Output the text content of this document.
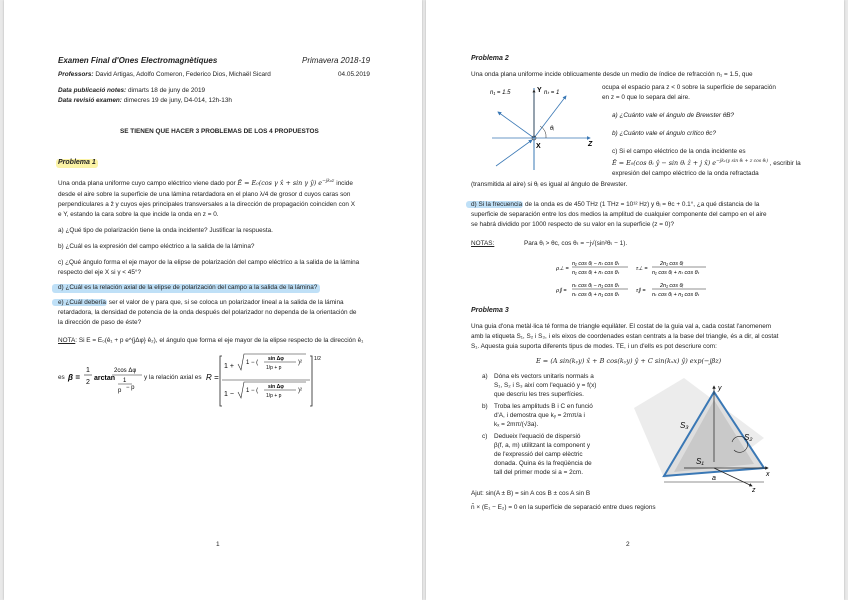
Examen Final d'Ones Electromagnètiques	Primavera 2018-19
Professors: David Artigas, Adolfo Comeron, Federico Dios, Michaël Sicard	04.05.2019
Data publicació notes: dimarts 18 de juny de 2019
Data revisió examen: dimecres 19 de juny, D4-014, 12h-13h
SE TIENEN QUE HACER 3 PROBLEMAS DE LOS 4 PROPUESTOS
Problema 1
Una onda plana uniforme cuyo campo eléctrico viene dado por Ē = E₀(cos γ x̂ + sin γ ŷ) $e^{-jk_0z}$ incide
desde el aire sobre la superficie de una lámina retardadora en el plano λ/4 de grosor d cuyos caras son
perpendiculares a ẑ y cuyos ejes principales transversales a la dirección de propagación coinciden con X
e Y, estando la cara sobre la que incide la onda en z = 0.
a) ¿Qué tipo de polarización tiene la onda incidente? Justificar la respuesta.
b) ¿Cuál es la expresión del campo eléctrico a la salida de la lámina?
c) ¿Qué ángulo forma el eje mayor de la elipse de polarización del campo eléctrico a la salida de la lámina
respecto del eje X si γ < 45°?
d) ¿Cuál es la relación axial de la elipse de polarización del campo a la salida de la lámina?
e) ¿Cuál debería ser el valor de γ para que, si se coloca un polarizador lineal a la salida de la lámina
retardadora, la densidad de potencia de la onda después del polarizador no dependa de la orientación de
la dirección de paso de éste?
NOTA: Si E = E₀(ê₁ + p e^{jΔφ} ê₂), el ángulo que forma el eje mayor de la elipse respecto de la dirección ê₁
es β =
1
2
arctan
2cos Δφ
1
p − p
y la relación axial es R =
1/2
1 + 1 − (
sin Δφ
1/p + p
)²
1 − 1 − (
sin Δφ
1/p + p
)²
1
Problema 2
Una onda plana uniforme incide oblicuamente desde un medio de índice de refracción n₁ = 1.5, que
ocupa el espacio para z < 0 sobre la superficie de separación
en z = 0 que lo separa del aire.
n₁ = 1.5	nₜ = 1
Y
X	Z
θᵢ
a) ¿Cuánto vale el ángulo de Brewster θB?
b) ¿Cuánto vale el ángulo crítico θc?
c) Si el campo eléctrico de la onda incidente es
Ē = E₀(cos θᵢ ŷ − sin θᵢ ẑ + j x̂) $e^{-jk_1(y sin \theta ᵢ + z cos \theta ᵢ)}$ , escribir la
expresión del campo eléctrico de la onda refractada
(transmitida al aire) si θᵢ es igual al ángulo de Brewster.
d) Si la frecuencia de la onda es de 450 THz (1 THz = 10¹² Hz) y θᵢ = θc + 0.1°, ¿a qué distancia de la
superficie de separación entre los dos medios la amplitud de cualquier componente del campo en el aire
se habrá dividido por 1000 respecto de su valor en la superficie (z = 0)?
NOTAS:	Para θᵢ > θc, cos θₜ = −j√(sin²θₜ − 1).
ρ⊥ =
n₁ cos θᵢ − nₜ cos θₜ
n₁ cos θᵢ + nₜ cos θₜ
ρ∥ =
nₜ cos θᵢ − n₁ cos θₜ
nₜ cos θᵢ + n₁ cos θₜ
τ⊥ =
2n₁ cos θᵢ
n₁ cos θᵢ + nₜ cos θₜ
τ∥ =
2n₁ cos θᵢ
nₜ cos θᵢ + n₁ cos θₜ
Problema 3
Una guia d'ona metàl·lica té forma de triangle equilàter. El costat de la guia val a, cada costat l'anomenem
amb la etiqueta S₁, S₂ i S₃, i els eixos de coordenades estan centrats a la base del triangle, és a dir, al costat
S₁. Aquesta guia suporta diferents tipus de modes. TE, i un d'ells es pot descriure com:
E = (A sin(kᵧy) x̂ + B cos(kᵧy) ŷ + C sin(kₓx) ŷ) exp(−jβz)
a) Dóna els vectors unitaris normals a
S₁, S₂ i S₃ així com l'equació y = f(x)
que descriu les tres superfícies.
b) Troba les amplituds B i C en funció
d'A, i demostra que kᵧ = 2mπ/a i
kₓ = 2mπ/(√3a).
c) Dedueix l'equació de dispersió
β(f, a, m) utilitzant la component y
de l'expressió del camp elèctric
donada. Quina és la freqüència de
tall del primer mode si a = 2cm.
y
x
z
S₃
S₂
S₁
a
Ajut: sin(A ± B) = sin A cos B ± cos A sin B
n̂ × (E₁ − E₂) = 0 en la superfície de separació entre dues regions
2
